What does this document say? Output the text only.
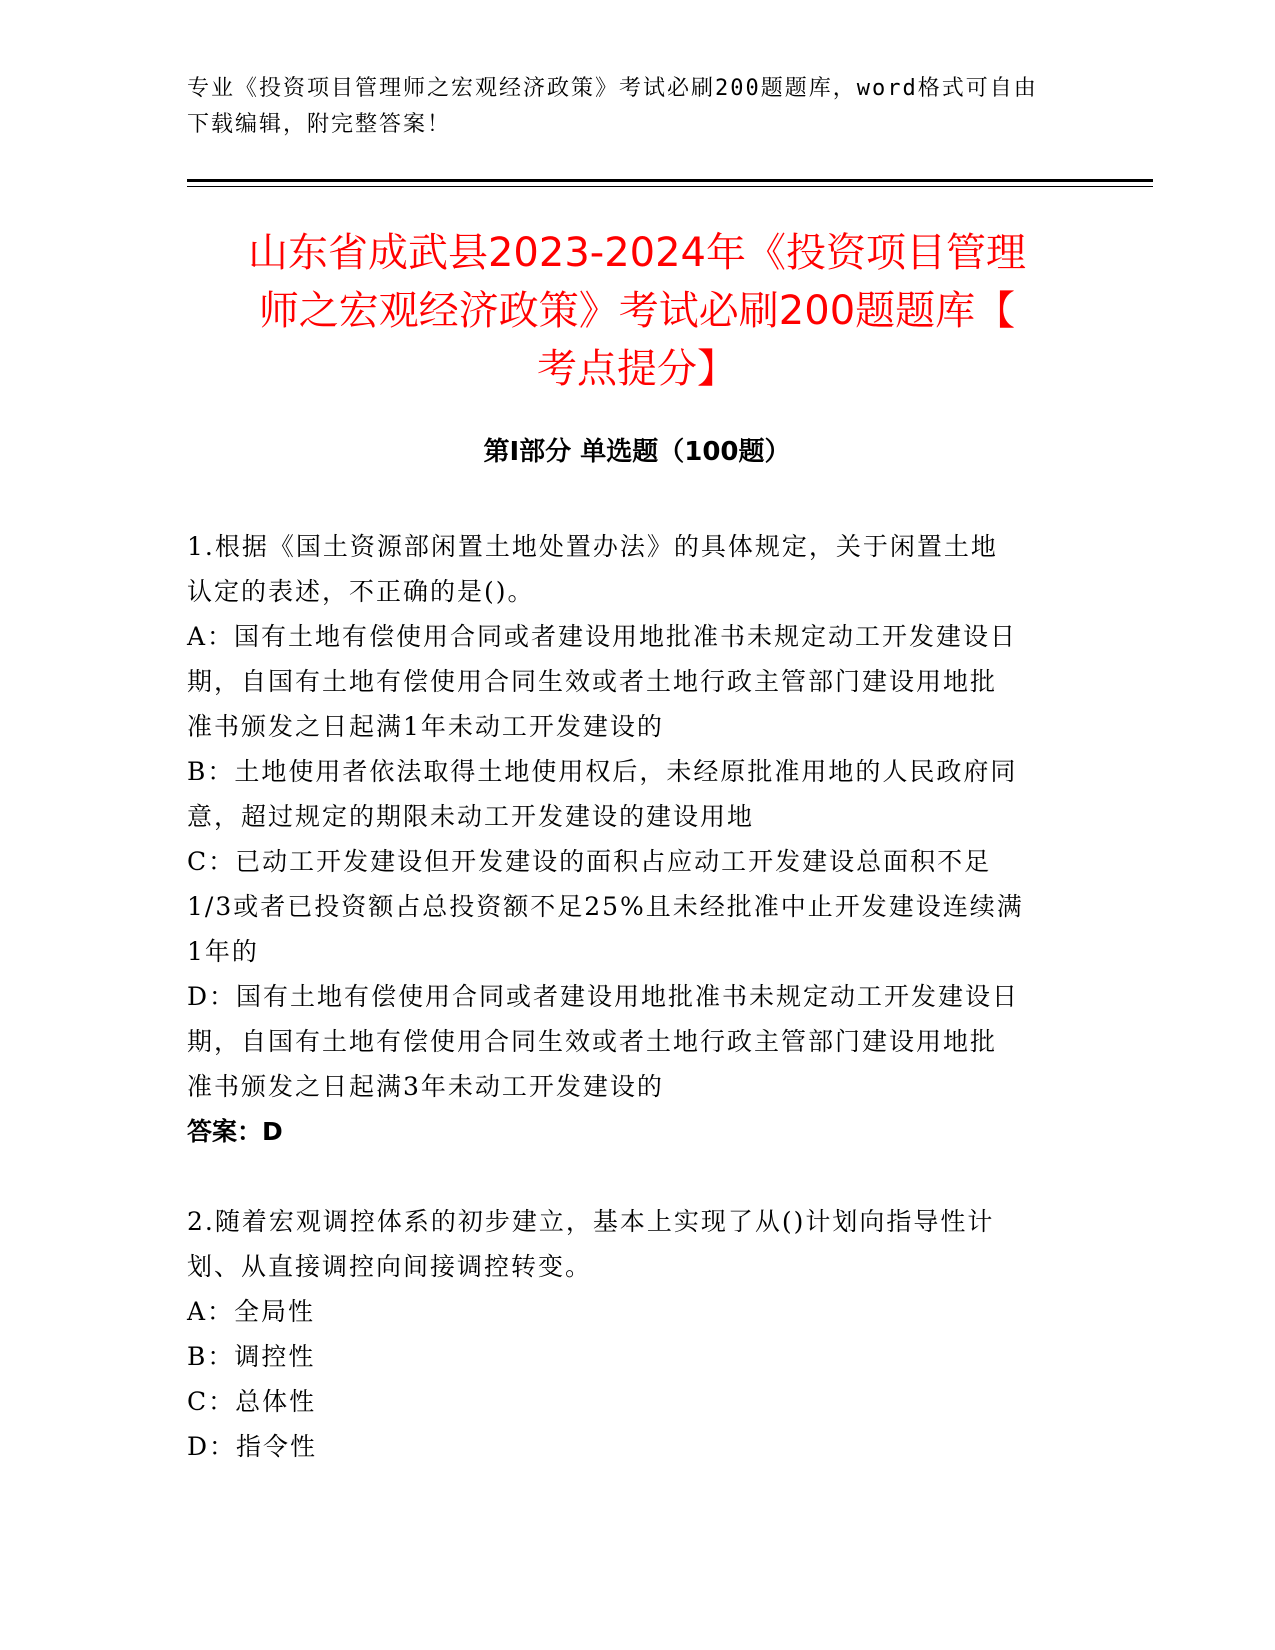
专业《投资项目管理师之宏观经济政策》考试必刷200题题库，word格式可自由
下载编辑，附完整答案！
山东省成武县2023-2024年《投资项目管理
师之宏观经济政策》考试必刷200题题库【
考点提分】
第Ⅰ部分 单选题（100题）

1.根据《国土资源部闲置土地处置办法》的具体规定，关于闲置土地

认定的表述，不正确的是()。

A：国有土地有偿使用合同或者建设用地批准书未规定动工开发建设日

期，自国有土地有偿使用合同生效或者土地行政主管部门建设用地批

准书颁发之日起满1年未动工开发建设的

B：土地使用者依法取得土地使用权后，未经原批准用地的人民政府同

意，超过规定的期限未动工开发建设的建设用地

C：已动工开发建设但开发建设的面积占应动工开发建设总面积不足

1/3或者已投资额占总投资额不足25%且未经批准中止开发建设连续满

1年的

D：国有土地有偿使用合同或者建设用地批准书未规定动工开发建设日

期，自国有土地有偿使用合同生效或者土地行政主管部门建设用地批

准书颁发之日起满3年未动工开发建设的

答案：D

2.随着宏观调控体系的初步建立，基本上实现了从()计划向指导性计

划、从直接调控向间接调控转变。

A：全局性

B：调控性

C：总体性

D：指令性
